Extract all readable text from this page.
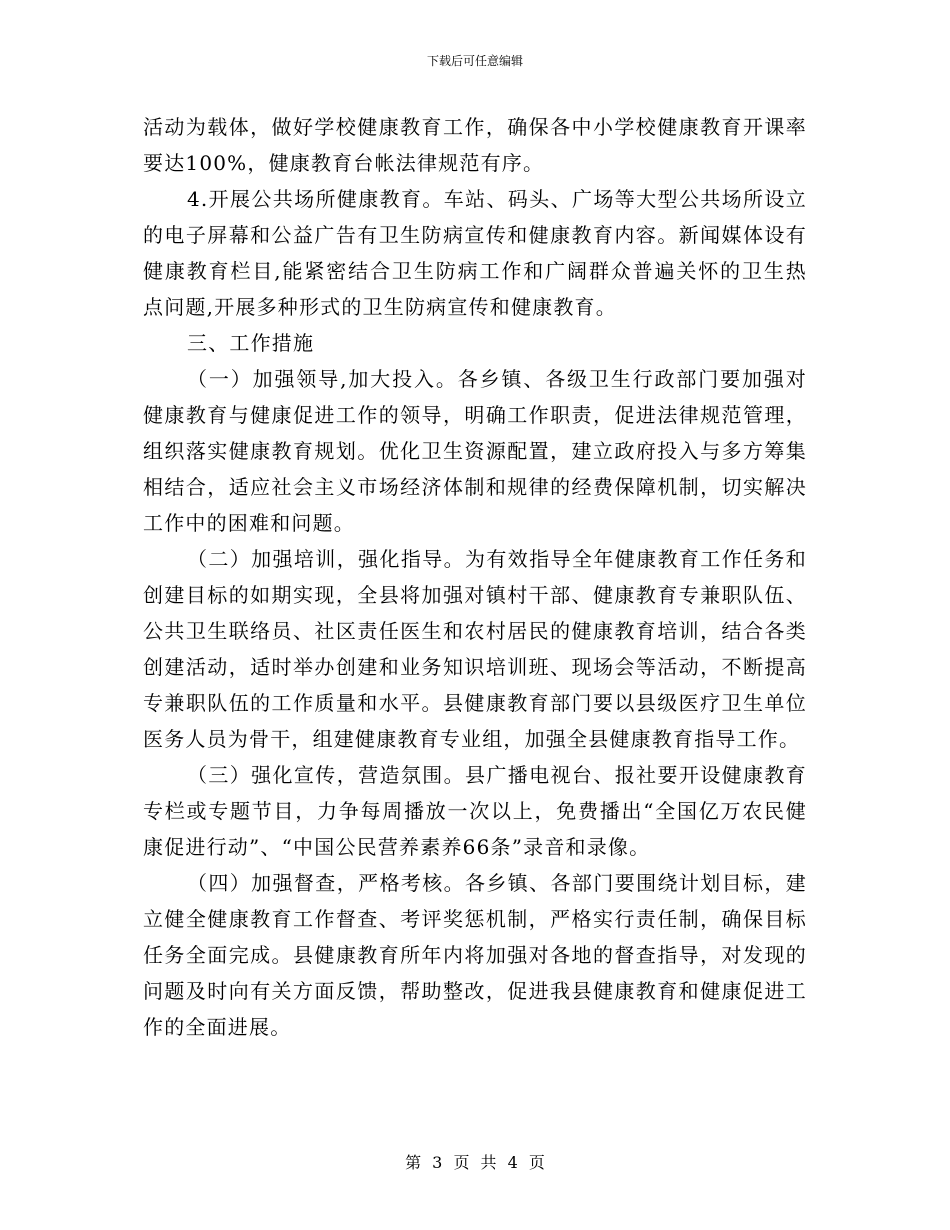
下载后可任意编辑

活动为载体，做好学校健康教育工作，确保各中小学校健康教育开课率要达100%，健康教育台帐法律规范有序。

4.开展公共场所健康教育。车站、码头、广场等大型公共场所设立的电子屏幕和公益广告有卫生防病宣传和健康教育内容。新闻媒体设有健康教育栏目,能紧密结合卫生防病工作和广阔群众普遍关怀的卫生热点问题,开展多种形式的卫生防病宣传和健康教育。

三、工作措施

（一）加强领导,加大投入。各乡镇、各级卫生行政部门要加强对健康教育与健康促进工作的领导，明确工作职责，促进法律规范管理，组织落实健康教育规划。优化卫生资源配置，建立政府投入与多方筹集相结合，适应社会主义市场经济体制和规律的经费保障机制，切实解决工作中的困难和问题。

（二）加强培训，强化指导。为有效指导全年健康教育工作任务和创建目标的如期实现，全县将加强对镇村干部、健康教育专兼职队伍、公共卫生联络员、社区责任医生和农村居民的健康教育培训，结合各类创建活动，适时举办创建和业务知识培训班、现场会等活动，不断提高专兼职队伍的工作质量和水平。县健康教育部门要以县级医疗卫生单位医务人员为骨干，组建健康教育专业组，加强全县健康教育指导工作。

（三）强化宣传，营造氛围。县广播电视台、报社要开设健康教育专栏或专题节目，力争每周播放一次以上，免费播出“全国亿万农民健康促进行动”、“中国公民营养素养66条”录音和录像。

（四）加强督查，严格考核。各乡镇、各部门要围绕计划目标，建立健全健康教育工作督查、考评奖惩机制，严格实行责任制，确保目标任务全面完成。县健康教育所年内将加强对各地的督查指导，对发现的问题及时向有关方面反馈，帮助整改，促进我县健康教育和健康促进工作的全面进展。

第 3 页 共 4 页
